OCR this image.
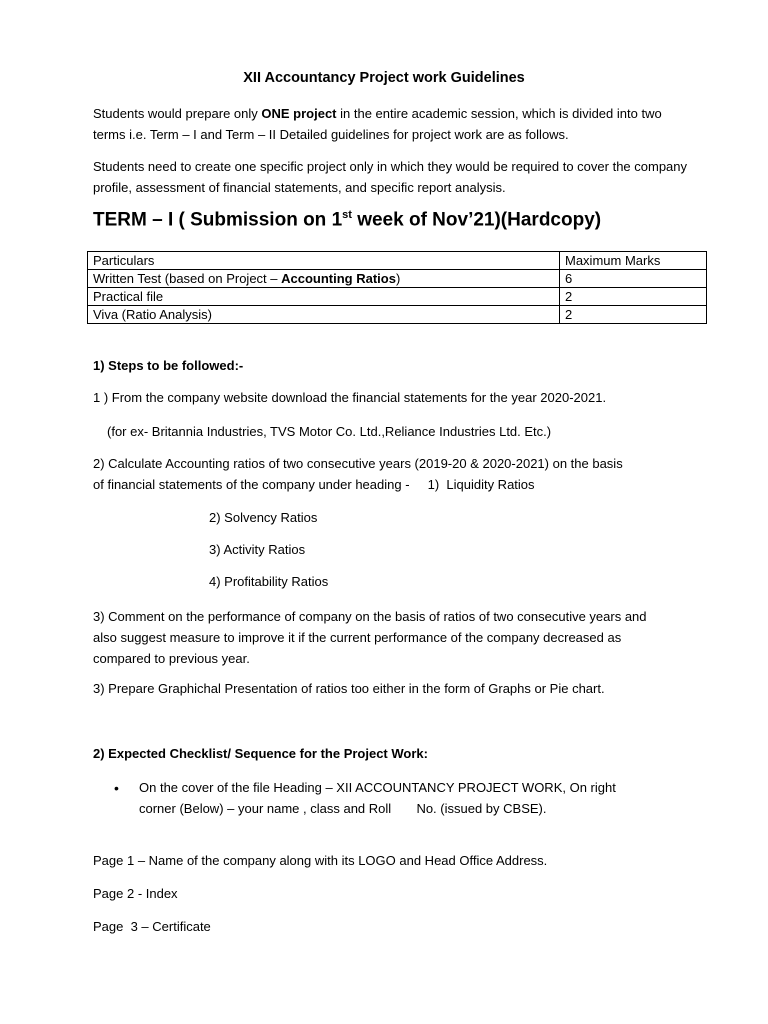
XII Accountancy Project work Guidelines
Students would prepare only ONE project in the entire academic session, which is divided into two terms i.e. Term – I and Term – II Detailed guidelines for project work are as follows.
Students need to create one specific project only in which they would be required to cover the company profile, assessment of financial statements, and specific report analysis.
TERM – I ( Submission on 1st week of Nov’21)(Hardcopy)
Particulars	Maximum Marks
Written Test (based on Project – Accounting Ratios)	6
Practical file	2
Viva (Ratio Analysis)	2
1) Steps to be followed:-
1 ) From the company website download the financial statements for the year 2020-2021.
(for ex- Britannia Industries, TVS Motor Co. Ltd.,Reliance Industries Ltd. Etc.)
2) Calculate Accounting ratios of two consecutive years (2019-20 & 2020-2021) on the basis
of financial statements of the company under heading -     1)  Liquidity Ratios
2) Solvency Ratios
3) Activity Ratios
4) Profitability Ratios
3) Comment on the performance of company on the basis of ratios of two consecutive years and also suggest measure to improve it if the current performance of the company decreased as compared to previous year.
3) Prepare Graphichal Presentation of ratios too either in the form of Graphs or Pie chart.
2) Expected Checklist/ Sequence for the Project Work:
• On the cover of the file Heading – XII ACCOUNTANCY PROJECT WORK, On right
corner (Below) – your name , class and Roll       No. (issued by CBSE).
Page 1 – Name of the company along with its LOGO and Head Office Address.
Page 2 - Index
Page  3 – Certificate
